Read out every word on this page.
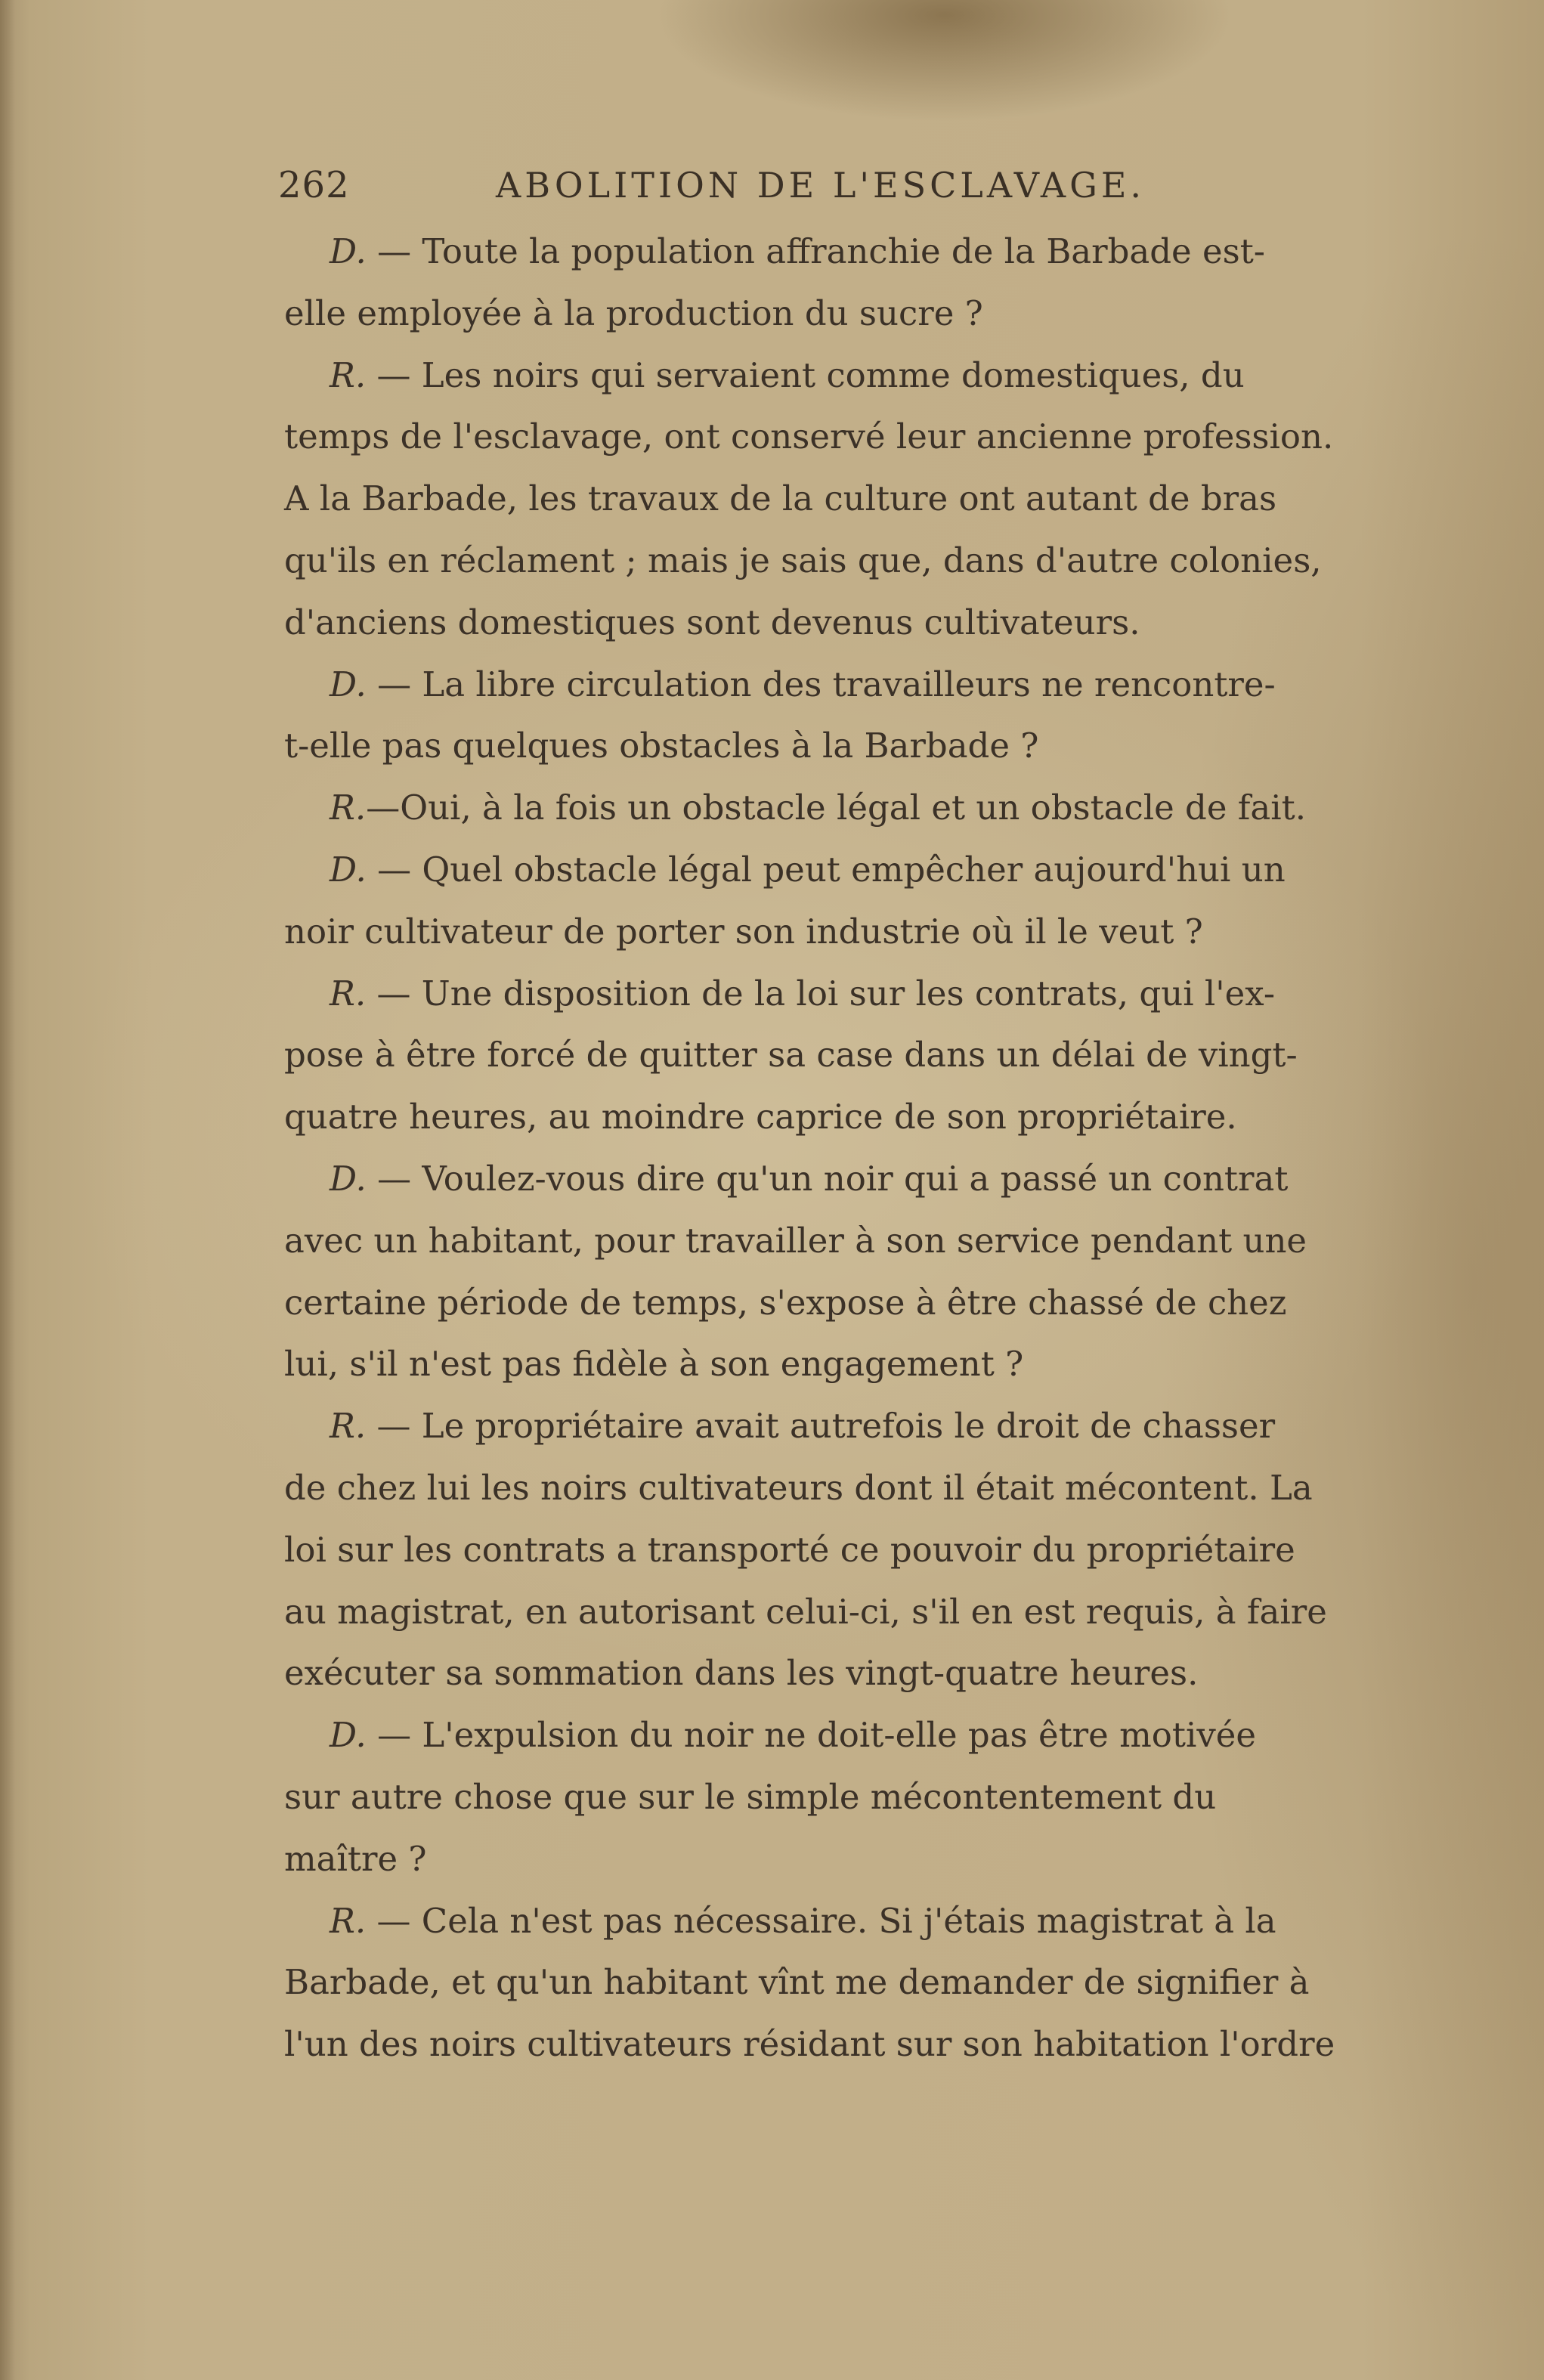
262	ABOLITION DE L'ESCLAVAGE.
D. — Toute la population affranchie de la Barbade est-
elle employée à la production du sucre ?
R. — Les noirs qui servaient comme domestiques, du
temps de l'esclavage, ont conservé leur ancienne profession.
A la Barbade, les travaux de la culture ont autant de bras
qu'ils en réclament ; mais je sais que, dans d'autre colonies,
d'anciens domestiques sont devenus cultivateurs.
D. — La libre circulation des travailleurs ne rencontre-
t-elle pas quelques obstacles à la Barbade ?
R.—Oui, à la fois un obstacle légal et un obstacle de fait.
D. — Quel obstacle légal peut empêcher aujourd'hui un
noir cultivateur de porter son industrie où il le veut ?
R. — Une disposition de la loi sur les contrats, qui l'ex-
pose à être forcé de quitter sa case dans un délai de vingt-
quatre heures, au moindre caprice de son propriétaire.
D. — Voulez-vous dire qu'un noir qui a passé un contrat
avec un habitant, pour travailler à son service pendant une
certaine période de temps, s'expose à être chassé de chez
lui, s'il n'est pas fidèle à son engagement ?
R. — Le propriétaire avait autrefois le droit de chasser
de chez lui les noirs cultivateurs dont il était mécontent. La
loi sur les contrats a transporté ce pouvoir du propriétaire
au magistrat, en autorisant celui-ci, s'il en est requis, à faire
exécuter sa sommation dans les vingt-quatre heures.
D. — L'expulsion du noir ne doit-elle pas être motivée
sur autre chose que sur le simple mécontentement du
maître ?
R. — Cela n'est pas nécessaire. Si j'étais magistrat à la
Barbade, et qu'un habitant vînt me demander de signifier à
l'un des noirs cultivateurs résidant sur son habitation l'ordre
